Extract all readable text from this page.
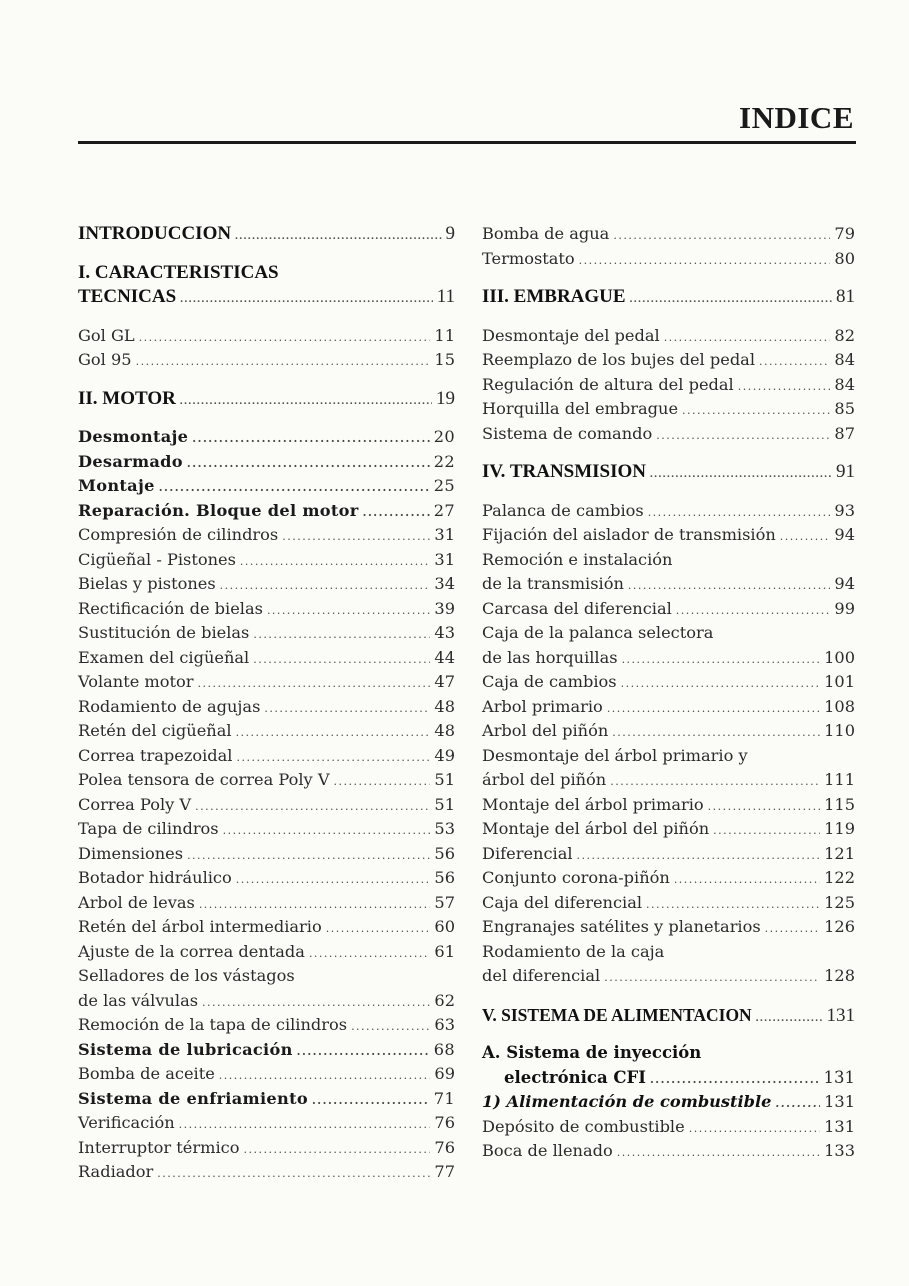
INDICE
INTRODUCCION .....	9
I. CARACTERISTICAS
TECNICAS .....	11
Gol GL .....	11
Gol 95 .....	15
II. MOTOR .....	19
Desmontaje .....	20
Desarmado .....	22
Montaje .....	25
Reparación. Bloque del motor .....	27
Compresión de cilindros .....	31
Cigüeñal - Pistones .....	31
Bielas y pistones .....	34
Rectificación de bielas .....	39
Sustitución de bielas .....	43
Examen del cigüeñal .....	44
Volante motor .....	47
Rodamiento de agujas .....	48
Retén del cigüeñal .....	48
Correa trapezoidal .....	49
Polea tensora de correa Poly V .....	51
Correa Poly V .....	51
Tapa de cilindros .....	53
Dimensiones .....	56
Botador hidráulico .....	56
Arbol de levas .....	57
Retén del árbol intermediario .....	60
Ajuste de la correa dentada .....	61
Selladores de los vástagos
de las válvulas .....	62
Remoción de la tapa de cilindros .....	63
Sistema de lubricación .....	68
Bomba de aceite .....	69
Sistema de enfriamiento .....	71
Verificación .....	76
Interruptor térmico .....	76
Radiador .....	77
Bomba de agua .....	79
Termostato .....	80
III. EMBRAGUE .....	81
Desmontaje del pedal .....	82
Reemplazo de los bujes del pedal .....	84
Regulación de altura del pedal .....	84
Horquilla del embrague .....	85
Sistema de comando .....	87
IV. TRANSMISION .....	91
Palanca de cambios .....	93
Fijación del aislador de transmisión .....	94
Remoción e instalación
de la transmisión .....	94
Carcasa del diferencial .....	99
Caja de la palanca selectora
de las horquillas .....	100
Caja de cambios .....	101
Arbol primario .....	108
Arbol del piñón .....	110
Desmontaje del árbol primario y
árbol del piñón .....	111
Montaje del árbol primario .....	115
Montaje del árbol del piñón .....	119
Diferencial .....	121
Conjunto corona-piñón .....	122
Caja del diferencial .....	125
Engranajes satélites y planetarios .....	126
Rodamiento de la caja
del diferencial .....	128
V. SISTEMA DE ALIMENTACION .....	131
A. Sistema de inyección
electrónica CFI .....	131
1) Alimentación de combustible .....	131
Depósito de combustible .....	131
Boca de llenado .....	133
